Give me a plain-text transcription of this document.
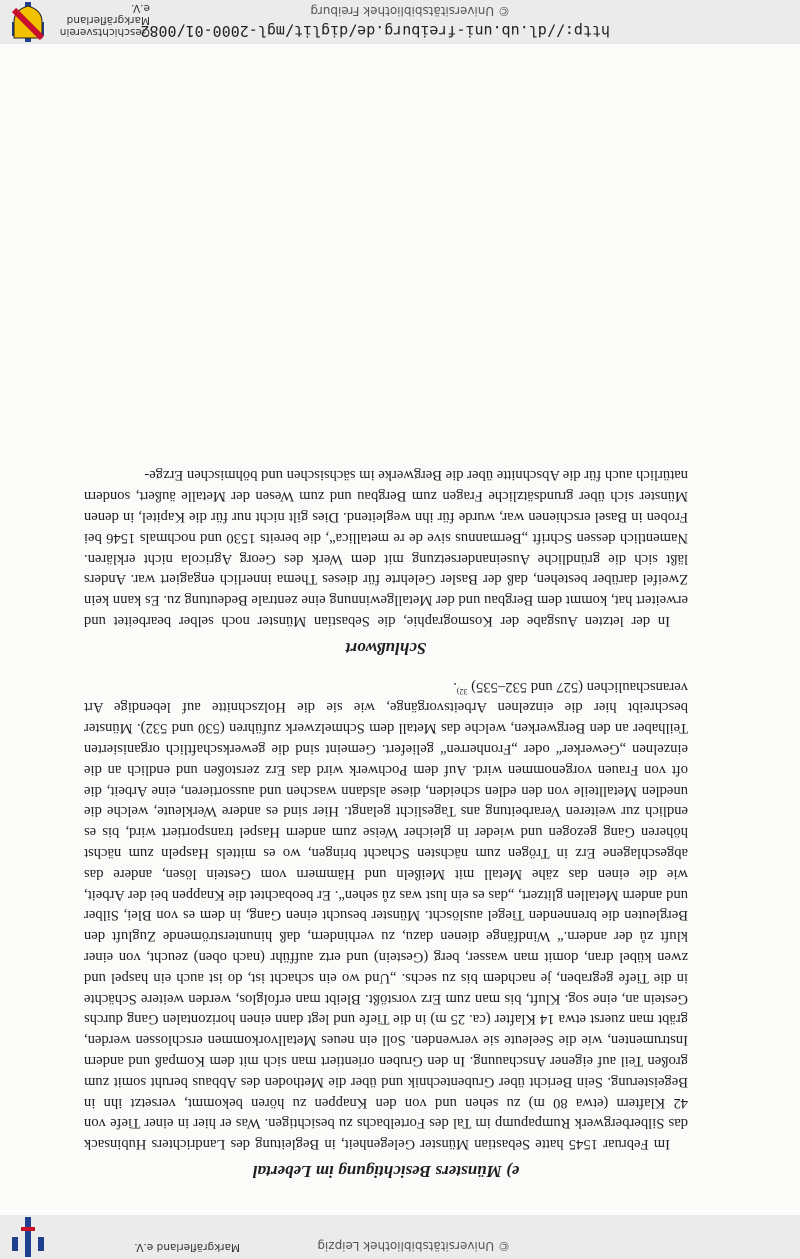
© Universitätsbibliothek Leipzig
Markgräflerland e.V.
e) Münsters Besichtigung im Lebertal

Im Februar 1545 hatte Sebastian Münster Gelegenheit, in Begleitung des Landrichters Hubinsack das Silberbergwerk Rumpapump im Tal des Fortelbachs zu besichtigen. Was er hier in einer Tiefe von 42 Klaftern (etwa 80 m) zu sehen und von den Knappen zu hören bekommt, versetzt ihn in Begeisterung. Sein Bericht über Grubentechnik und über die Methoden des Abbaus beruht somit zum großen Teil auf eigener Anschauung. In den Gruben orientiert man sich mit dem Kompaß und andern Instrumenten, wie die Seeleute sie verwenden. Soll ein neues Metallvorkommen erschlossen werden, gräbt man zuerst etwa 14 Klafter (ca. 25 m) in die Tiefe und legt dann einen horizontalen Gang durchs Gestein an, eine sog. Kluft, bis man zum Erz vorstößt. Bleibt man erfolglos, werden weitere Schächte in die Tiefe gegraben, je nachdem bis zu sechs. „Und wo ein schacht ist, do ist auch ein haspel und zwen kübel dran, domit man wasser, berg (Gestein) und ertz aufführ (nach oben) zeucht, von einer kluft zů der andern.“ Windfänge dienen dazu, zu verhindern, daß hinunterströmende Zugluft den Bergleuten die brennenden Tiegel auslöscht. Münster besucht einen Gang, in dem es von Blei, Silber und andern Metallen glitzert, „das es ein lust was zů sehen“. Er beobachtet die Knappen bei der Arbeit, wie die einen das zähe Metall mit Meißeln und Hämmern vom Gestein lösen, andere das abgeschlagene Erz in Trögen zum nächsten Schacht bringen, wo es mittels Haspeln zum nächst höheren Gang gezogen und wieder in gleicher Weise zum andern Haspel transportiert wird, bis es endlich zur weiteren Verarbeitung ans Tageslicht gelangt. Hier sind es andere Werkleute, welche die unedlen Metallteile von den edlen scheiden, diese alsdann waschen und aussortieren, eine Arbeit, die oft von Frauen vorgenommen wird. Auf dem Pochwerk wird das Erz zerstoßen und endlich an die einzelnen „Gewerker“ oder „Fronherren“ geliefert. Gemeint sind die gewerkschaftlich organisierten Teilhaber an den Bergwerken, welche das Metall dem Schmelzwerk zuführen (530 und 532). Münster beschreibt hier die einzelnen Arbeitsvorgänge, wie sie die Holzschnitte auf lebendige Art veranschaulichen (527 und 532–535) $^{32)}$.

Schlußwort

In der letzten Ausgabe der Kosmographie, die Sebastian Münster noch selber bearbeitet und erweitert hat, kommt dem Bergbau und der Metallgewinnung eine zentrale Bedeutung zu. Es kann kein Zweifel darüber bestehen, daß der Basler Gelehrte für dieses Thema innerlich engagiert war. Anders läßt sich die gründliche Auseinandersetzung mit dem Werk des Georg Agricola nicht erklären. Namentlich dessen Schrift „Bermannus sive de re metallica“, die bereits 1530 und nochmals 1546 bei Froben in Basel erschienen war, wurde für ihn wegleitend. Dies gilt nicht nur für die Kapitel, in denen Münster sich über grundsätzliche Fragen zum Bergbau und zum Wesen der Metalle äußert, sondern natürlich auch für die Abschnitte über die Bergwerke im sächsischen und böhmischen Erzge-

http://dl.ub.uni-freiburg.de/diglit/mgl-2000-01/0082
© Universitätsbibliothek Freiburg
Geschichtsverein
Markgräflerland e.V.
